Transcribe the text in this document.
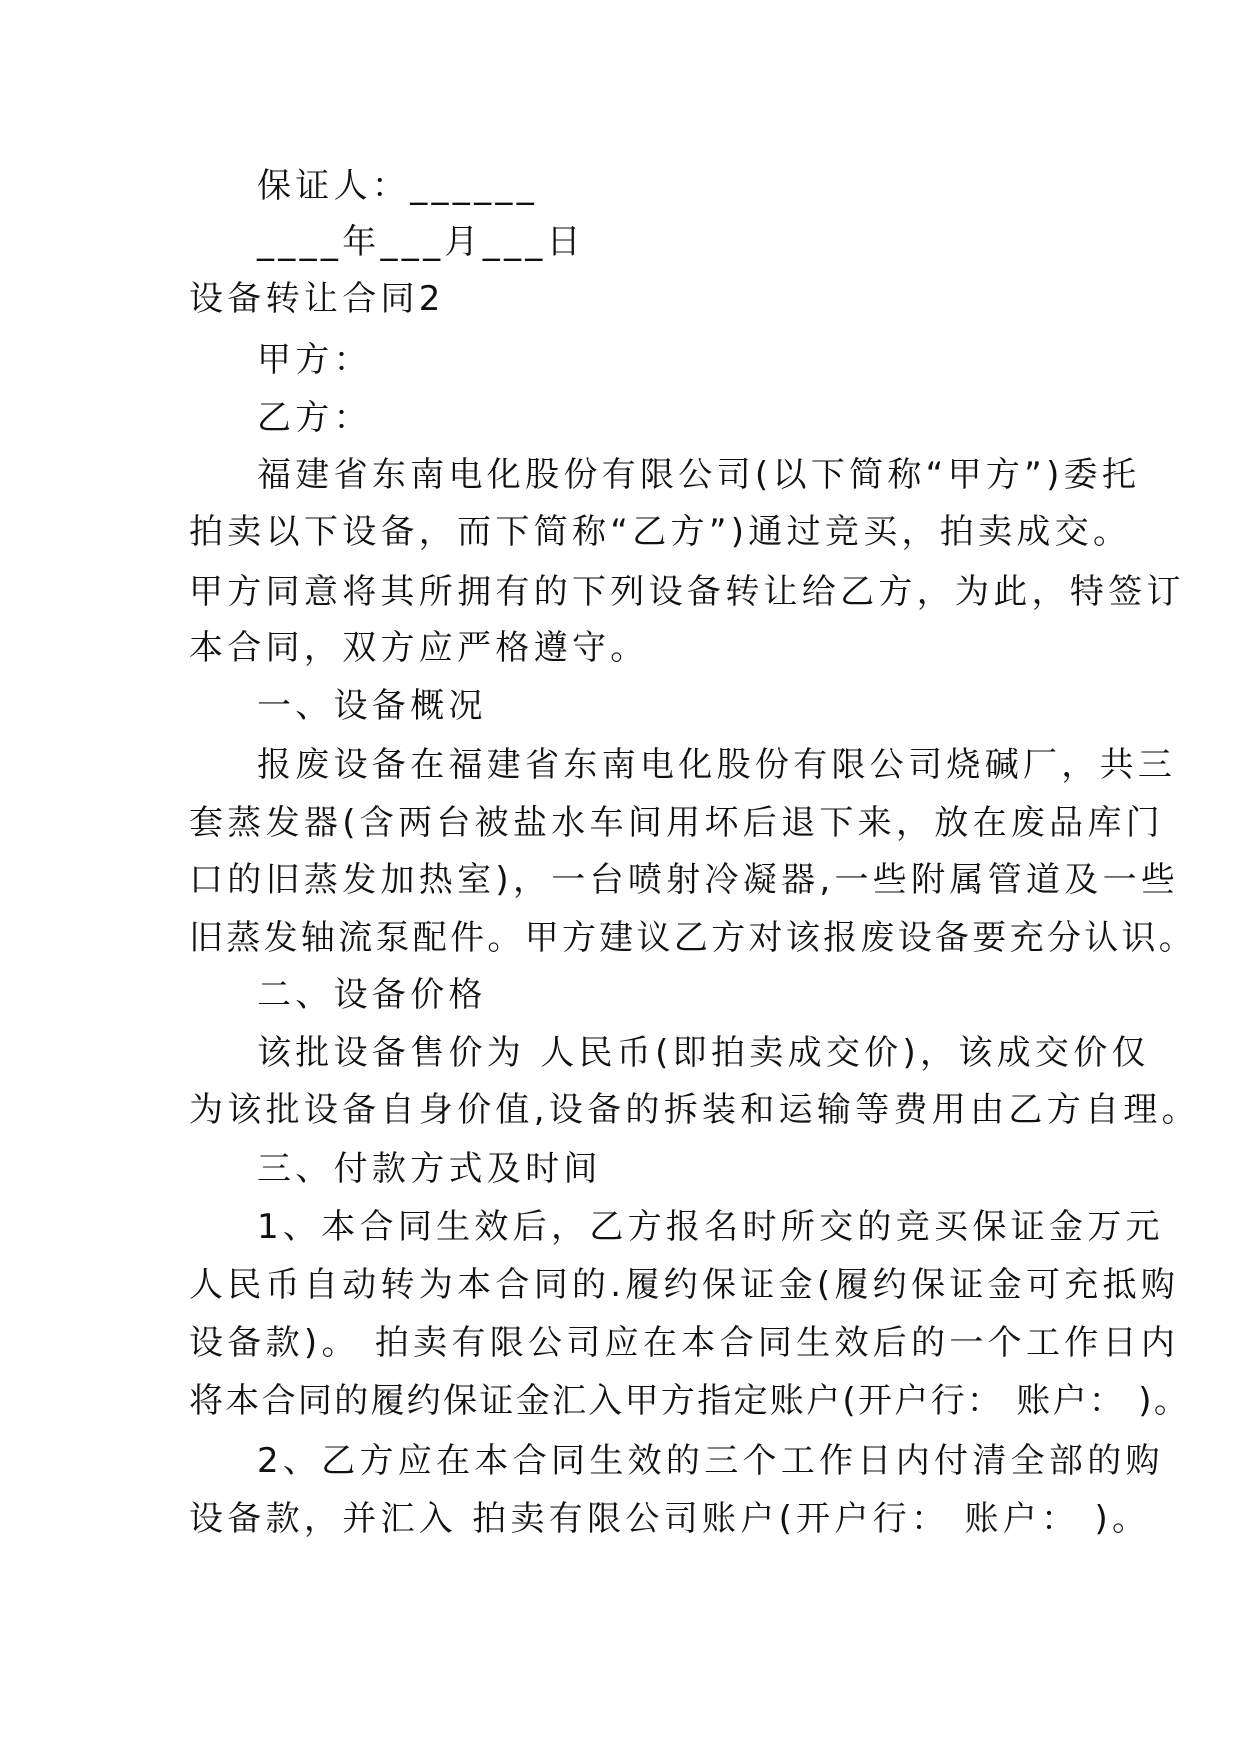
保证人：______
____年___月___日
设备转让合同2
甲方：
乙方：
福建省东南电化股份有限公司(以下简称“甲方”)委托
拍卖以下设备，而下简称“乙方”)通过竞买，拍卖成交。
甲方同意将其所拥有的下列设备转让给乙方，为此，特签订
本合同，双方应严格遵守。
一、设备概况
报废设备在福建省东南电化股份有限公司烧碱厂，共三
套蒸发器(含两台被盐水车间用坏后退下来，放在废品库门
口的旧蒸发加热室)，一台喷射冷凝器,一些附属管道及一些
旧蒸发轴流泵配件。甲方建议乙方对该报废设备要充分认识。
二、设备价格
该批设备售价为 人民币(即拍卖成交价)，该成交价仅
为该批设备自身价值,设备的拆装和运输等费用由乙方自理。
三、付款方式及时间
1、本合同生效后，乙方报名时所交的竞买保证金万元
人民币自动转为本合同的.履约保证金(履约保证金可充抵购
设备款)。 拍卖有限公司应在本合同生效后的一个工作日内
将本合同的履约保证金汇入甲方指定账户(开户行： 账户： )。
2、乙方应在本合同生效的三个工作日内付清全部的购
设备款，并汇入 拍卖有限公司账户(开户行： 账户： )。
